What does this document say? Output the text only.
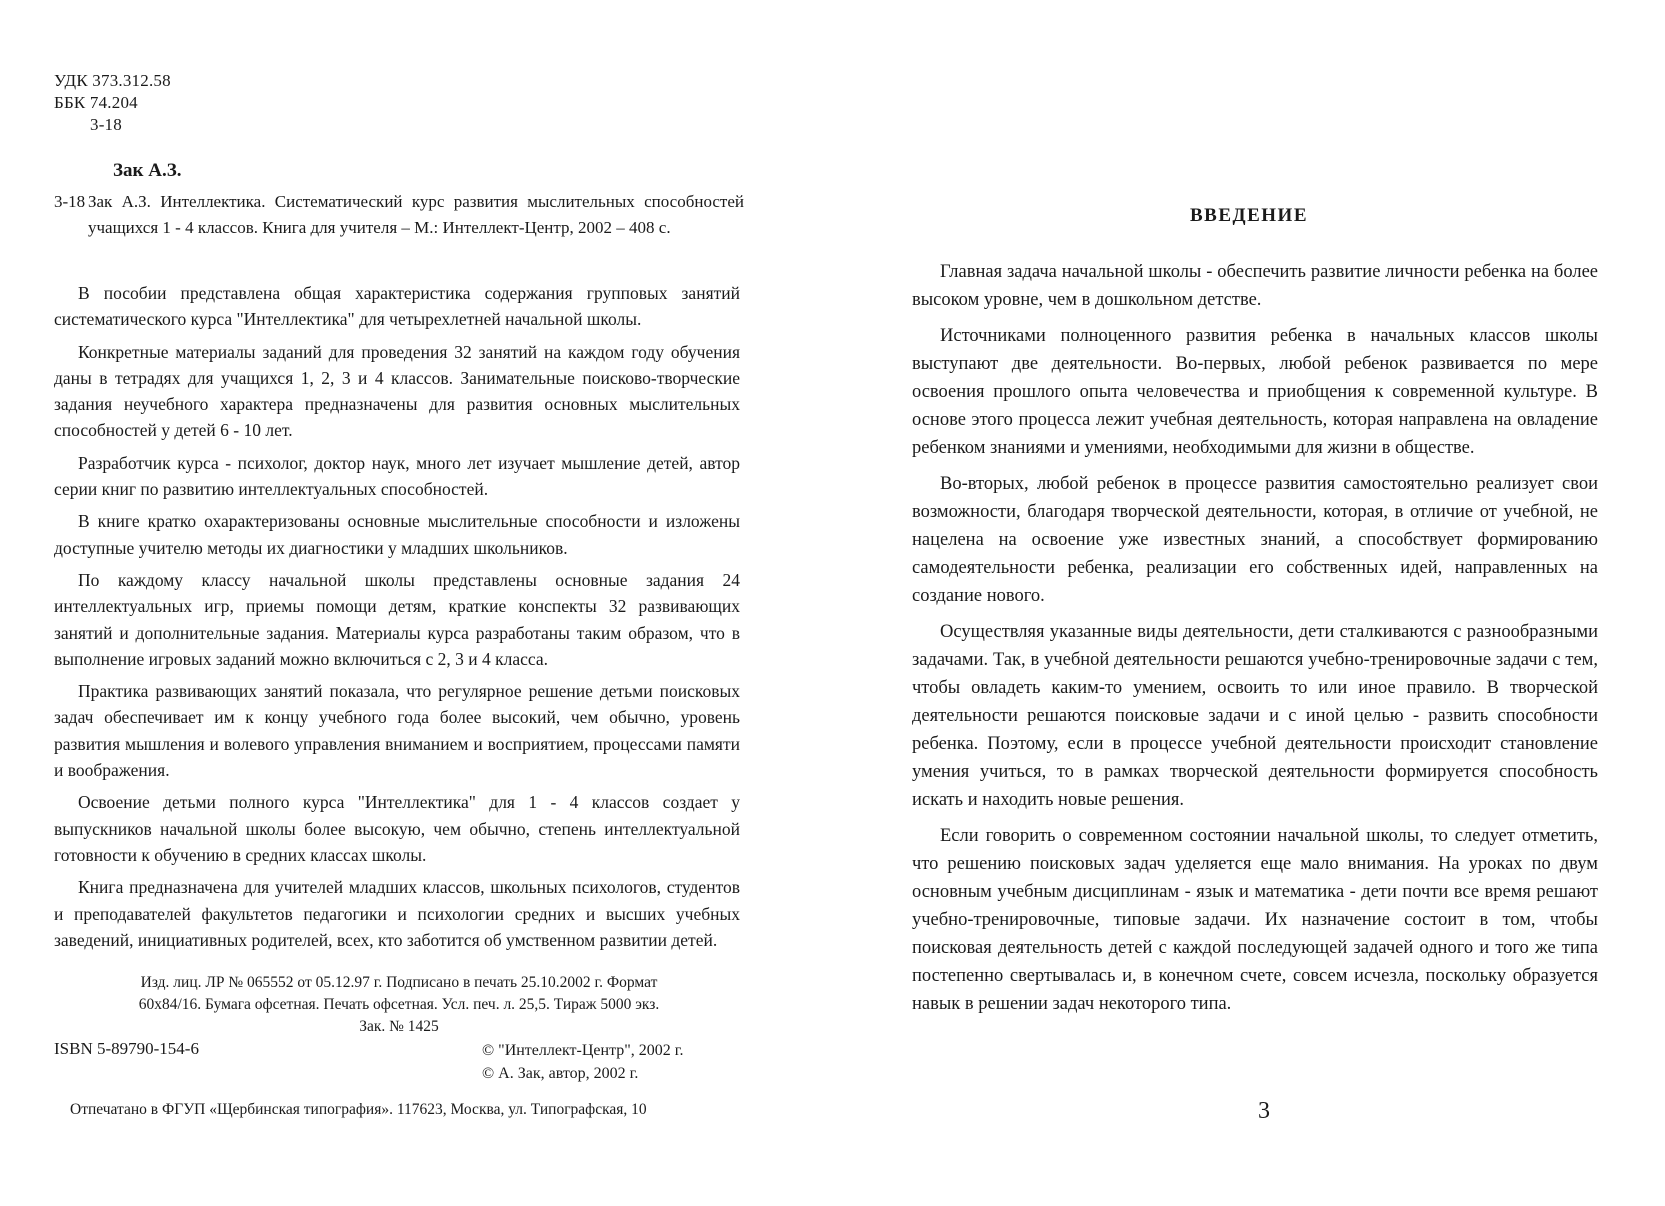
УДК 373.312.58
ББК 74.204
3-18
Зак А.З.
3-18 Зак А.З. Интеллектика. Систематический курс развития мыслительных способностей учащихся 1 - 4 классов. Книга для учителя – М.: Интеллект-Центр, 2002 – 408 с.

В пособии представлена общая характеристика содержания групповых занятий систематического курса "Интеллектика" для четырехлетней начальной школы.

Конкретные материалы заданий для проведения 32 занятий на каждом году обучения даны в тетрадях для учащихся 1, 2, 3 и 4 классов. Занимательные поисково-творческие задания неучебного характера предназначены для развития основных мыслительных способностей у детей 6 - 10 лет.

Разработчик курса - психолог, доктор наук, много лет изучает мышление детей, автор серии книг по развитию интеллектуальных способностей.

В книге кратко охарактеризованы основные мыслительные способности и изложены доступные учителю методы их диагностики у младших школьников.

По каждому классу начальной школы представлены основные задания 24 интеллектуальных игр, приемы помощи детям, краткие конспекты 32 развивающих занятий и дополнительные задания. Материалы курса разработаны таким образом, что в выполнение игровых заданий можно включиться с 2, 3 и 4 класса.

Практика развивающих занятий показала, что регулярное решение детьми поисковых задач обеспечивает им к концу учебного года более высокий, чем обычно, уровень развития мышления и волевого управления вниманием и восприятием, процессами памяти и воображения.

Освоение детьми полного курса "Интеллектика" для 1 - 4 классов создает у выпускников начальной школы более высокую, чем обычно, степень интеллектуальной готовности к обучению в средних классах школы.

Книга предназначена для учителей младших классов, школьных психологов, студентов и преподавателей факультетов педагогики и психологии средних и высших учебных заведений, инициативных родителей, всех, кто заботится об умственном развитии детей.

Изд. лиц. ЛР № 065552 от 05.12.97 г. Подписано в печать 25.10.2002 г. Формат
60x84/16. Бумага офсетная. Печать офсетная. Усл. печ. л. 25,5. Тираж 5000 экз.
Зак. № 1425
ISBN 5-89790-154-6	© "Интеллект-Центр", 2002 г.
© А. Зак, автор, 2002 г.
Отпечатано в ФГУП «Щербинская типография». 117623, Москва, ул. Типографская, 10
ВВЕДЕНИЕ

Главная задача начальной школы - обеспечить развитие личности ребенка на более высоком уровне, чем в дошкольном детстве.

Источниками полноценного развития ребенка в начальных классов школы выступают две деятельности. Во-первых, любой ребенок развивается по мере освоения прошлого опыта человечества и приобщения к современной культуре. В основе этого процесса лежит учебная деятельность, которая направлена на овладение ребенком знаниями и умениями, необходимыми для жизни в обществе.

Во-вторых, любой ребенок в процессе развития самостоятельно реализует свои возможности, благодаря творческой деятельности, которая, в отличие от учебной, не нацелена на освоение уже известных знаний, а способствует формированию самодеятельности ребенка, реализации его собственных идей, направленных на создание нового.

Осуществляя указанные виды деятельности, дети сталкиваются с разнообразными задачами. Так, в учебной деятельности решаются учебно-тренировочные задачи с тем, чтобы овладеть каким-то умением, освоить то или иное правило. В творческой деятельности решаются поисковые задачи и с иной целью - развить способности ребенка. Поэтому, если в процессе учебной деятельности происходит становление умения учиться, то в рамках творческой деятельности формируется способность искать и находить новые решения.

Если говорить о современном состоянии начальной школы, то следует отметить, что решению поисковых задач уделяется еще мало внимания. На уроках по двум основным учебным дисциплинам - язык и математика - дети почти все время решают учебно-тренировочные, типовые задачи. Их назначение состоит в том, чтобы поисковая деятельность детей с каждой последующей задачей одного и того же типа постепенно свертывалась и, в конечном счете, совсем исчезла, поскольку образуется навык в решении задач некоторого типа.

3
